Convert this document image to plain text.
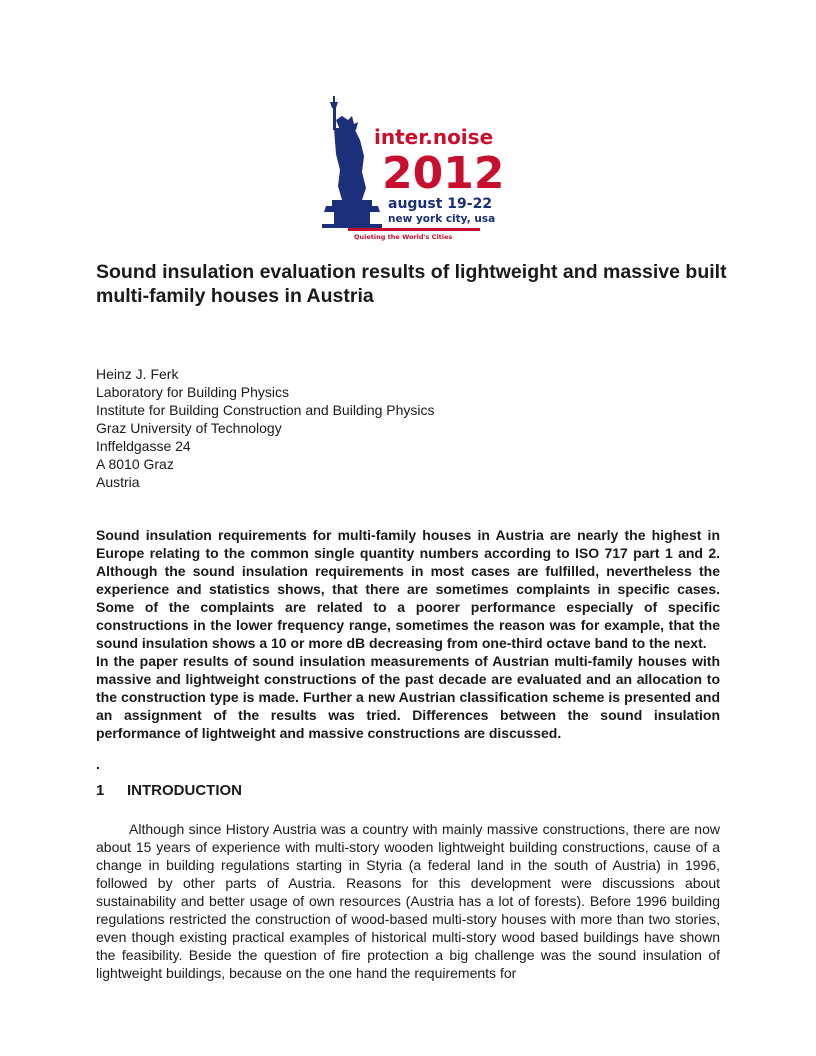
inter.noise
2012
august 19-22
new york city, usa
Quieting the World's Cities
Sound insulation evaluation results of lightweight and massive built multi-family houses in Austria
Heinz J. Ferk
Laboratory for Building Physics
Institute for Building Construction and Building Physics
Graz University of Technology
Inffeldgasse 24
A 8010 Graz
Austria

Sound insulation requirements for multi-family houses in Austria are nearly the highest in Europe relating to the common single quantity numbers according to ISO 717 part 1 and 2. Although the sound insulation requirements in most cases are fulfilled, nevertheless the experience and statistics shows, that there are sometimes complaints in specific cases. Some of the complaints are related to a poorer performance especially of specific constructions in the lower frequency range, sometimes the reason was for example, that the sound insulation shows a 10 or more dB decreasing from one-third octave band to the next.

In the paper results of sound insulation measurements of Austrian multi-family houses with massive and lightweight constructions of the past decade are evaluated and an allocation to the construction type is made. Further a new Austrian classification scheme is presented and an assignment of the results was tried. Differences between the sound insulation performance of lightweight and massive constructions are discussed.

.
1 INTRODUCTION

Although since History Austria was a country with mainly massive constructions, there are now about 15 years of experience with multi-story wooden lightweight building constructions, cause of a change in building regulations starting in Styria (a federal land in the south of Austria) in 1996, followed by other parts of Austria. Reasons for this development were discussions about sustainability and better usage of own resources (Austria has a lot of forests). Before 1996 building regulations restricted the construction of wood-based multi-story houses with more than two stories, even though existing practical examples of historical multi-story wood based buildings have shown the feasibility. Beside the question of fire protection a big challenge was the sound insulation of lightweight buildings, because on the one hand the requirements for
